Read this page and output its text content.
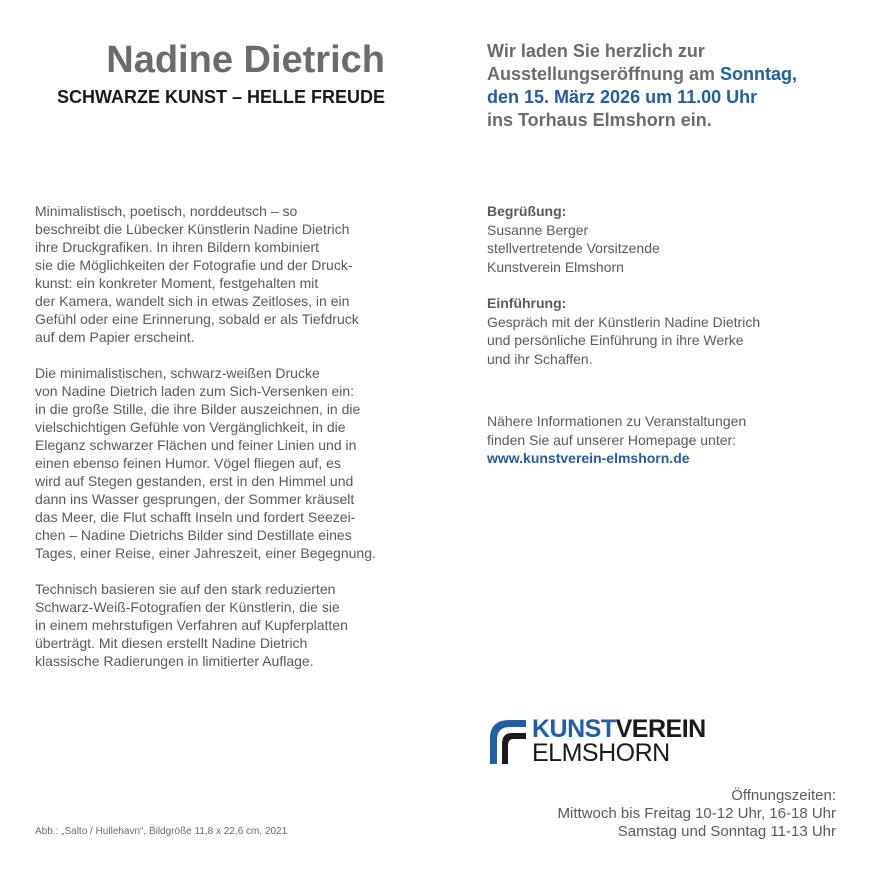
Nadine Dietrich
SCHWARZE KUNST – HELLE FREUDE

Wir laden Sie herzlich zur
Ausstellungseröffnung am Sonntag,
den 15. März 2026 um 11.00 Uhr
ins Torhaus Elmshorn ein.

Minimalistisch, poetisch, norddeutsch – so
beschreibt die Lübecker Künstlerin Nadine Dietrich
ihre Druckgrafiken. In ihren Bildern kombiniert
sie die Möglichkeiten der Fotografie und der Druck-
kunst: ein konkreter Moment, festgehalten mit
der Kamera, wandelt sich in etwas Zeitloses, in ein
Gefühl oder eine Erinnerung, sobald er als Tiefdruck
auf dem Papier erscheint.

Die minimalistischen, schwarz-weißen Drucke
von Nadine Dietrich laden zum Sich-Versenken ein:
in die große Stille, die ihre Bilder auszeichnen, in die
vielschichtigen Gefühle von Vergänglichkeit, in die
Eleganz schwarzer Flächen und feiner Linien und in
einen ebenso feinen Humor. Vögel fliegen auf, es
wird auf Stegen gestanden, erst in den Himmel und
dann ins Wasser gesprungen, der Sommer kräuselt
das Meer, die Flut schafft Inseln und fordert Seezei-
chen – Nadine Dietrichs Bilder sind Destillate eines
Tages, einer Reise, einer Jahreszeit, einer Begegnung.

Technisch basieren sie auf den stark reduzierten
Schwarz-Weiß-Fotografien der Künstlerin, die sie
in einem mehrstufigen Verfahren auf Kupferplatten
überträgt. Mit diesen erstellt Nadine Dietrich
klassische Radierungen in limitierter Auflage.

Begrüßung:
Susanne Berger
stellvertretende Vorsitzende
Kunstverein Elmshorn
Einführung:
Gespräch mit der Künstlerin Nadine Dietrich
und persönliche Einführung in ihre Werke
und ihr Schaffen.
Nähere Informationen zu Veranstaltungen
finden Sie auf unserer Homepage unter:
www.kunstverein-elmshorn.de
KUNSTVEREIN
ELMSHORN
Öffnungszeiten:
Mittwoch bis Freitag 10-12 Uhr, 16-18 Uhr
Samstag und Sonntag 11-13 Uhr
Abb.: „Salto / Hullehavn“, Bildgröße 11,8 x 22,6 cm, 2021
